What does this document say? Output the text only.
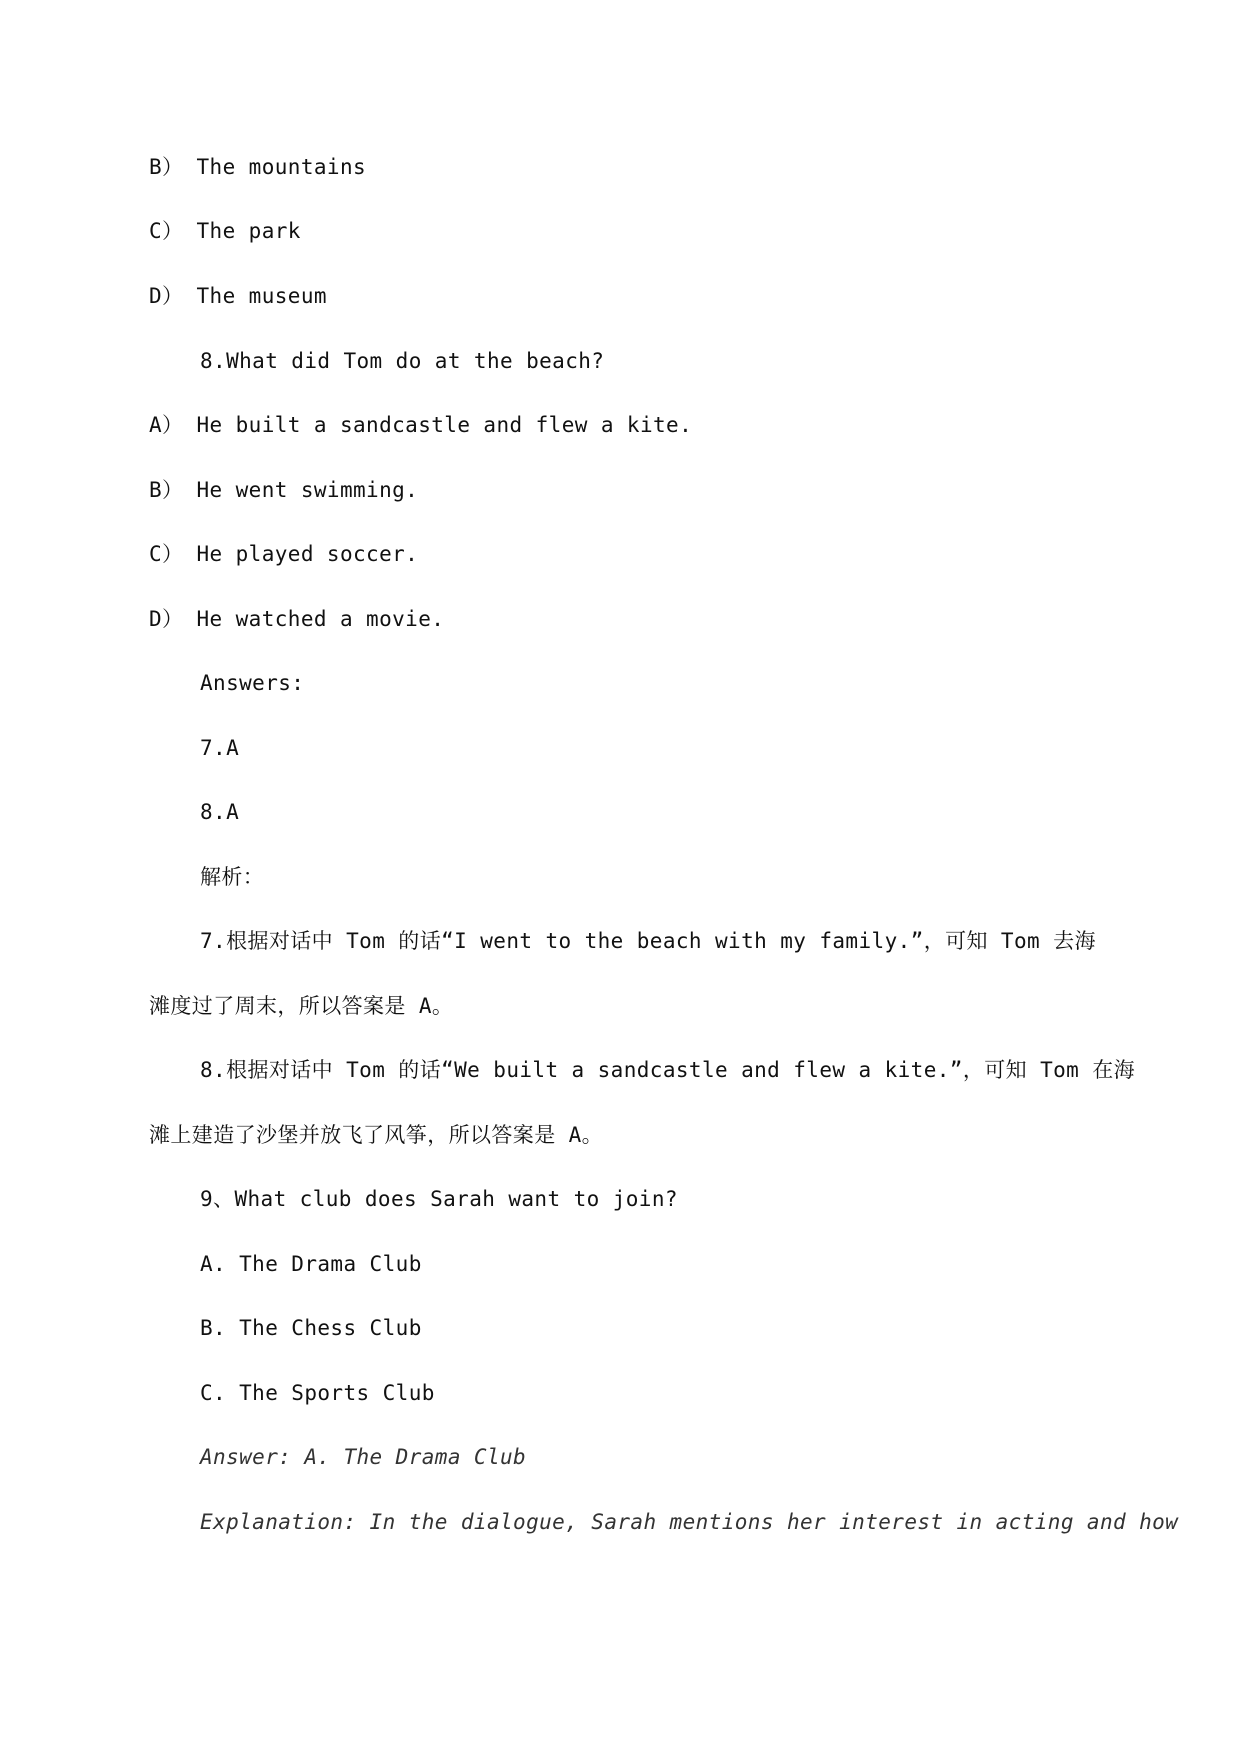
B） The mountains
C） The park
D） The museum
8.What did Tom do at the beach?
A） He built a sandcastle and flew a kite.
B） He went swimming.
C） He played soccer.
D） He watched a movie.
Answers:
7.A
8.A
解析：
7.根据对话中 Tom 的话“I went to the beach with my family.”，可知 Tom 去海
滩度过了周末，所以答案是 A。
8.根据对话中 Tom 的话“We built a sandcastle and flew a kite.”，可知 Tom 在海
滩上建造了沙堡并放飞了风筝，所以答案是 A。
9、What club does Sarah want to join?
A. The Drama Club
B. The Chess Club
C. The Sports Club
Answer: A. The Drama Club
Explanation: In the dialogue, Sarah mentions her interest in acting and how
